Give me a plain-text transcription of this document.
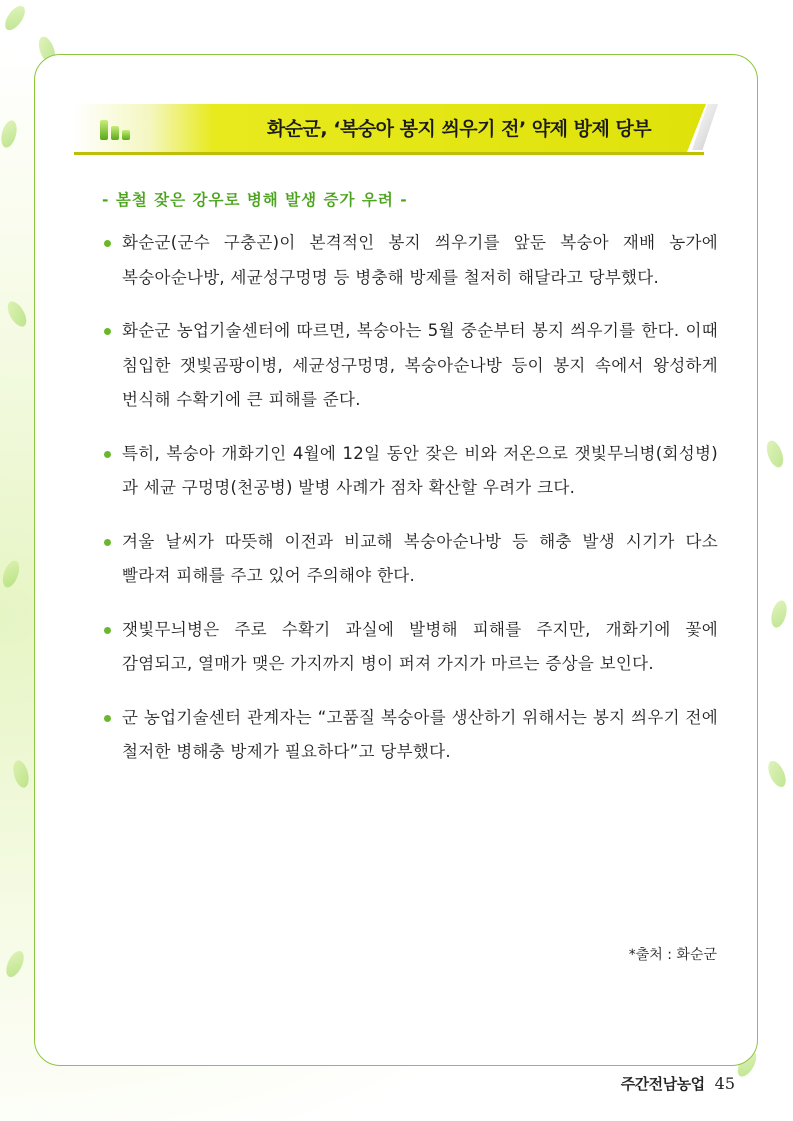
화순군, ‘복숭아 봉지 씌우기 전’ 약제 방제 당부
- 봄철 잦은 강우로 병해 발생 증가 우려 -
화순군(군수 구충곤)이 본격적인 봉지 씌우기를 앞둔 복숭아 재배 농가에 복숭아순나방, 세균성구멍명 등 병충해 방제를 철저히 해달라고 당부했다.
화순군 농업기술센터에 따르면, 복숭아는 5월 중순부터 봉지 씌우기를 한다. 이때 침입한 잿빛곰팡이병, 세균성구멍명, 복숭아순나방 등이 봉지 속에서 왕성하게 번식해 수확기에 큰 피해를 준다.
특히, 복숭아 개화기인 4월에 12일 동안 잦은 비와 저온으로 잿빛무늬병(회성병)과 세균 구멍명(천공병) 발병 사례가 점차 확산할 우려가 크다.
겨울 날씨가 따뜻해 이전과 비교해 복숭아순나방 등 해충 발생 시기가 다소 빨라져 피해를 주고 있어 주의해야 한다.
잿빛무늬병은 주로 수확기 과실에 발병해 피해를 주지만, 개화기에 꽃에 감염되고, 열매가 맺은 가지까지 병이 퍼져 가지가 마르는 증상을 보인다.
군 농업기술센터 관계자는 “고품질 복숭아를 생산하기 위해서는 봉지 씌우기 전에 철저한 병해충 방제가 필요하다”고 당부했다.
*출처 : 화순군
주간전남농업 45
